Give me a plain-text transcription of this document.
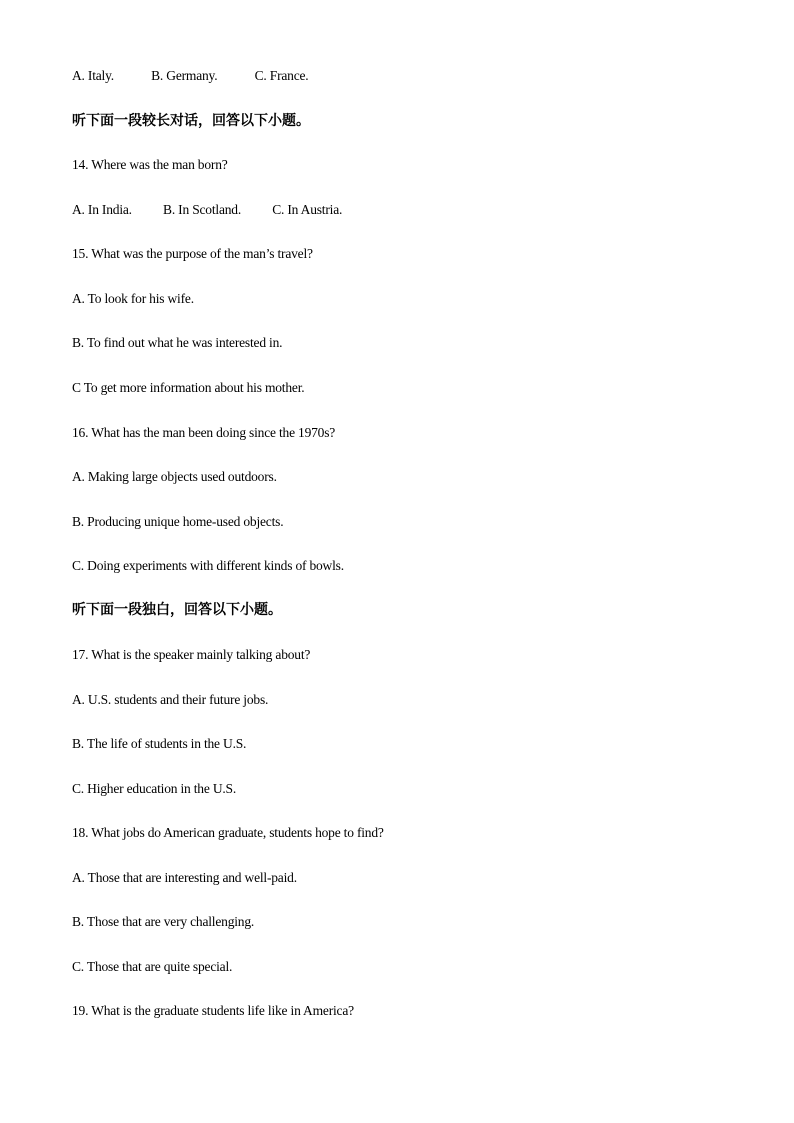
A. Italy.	B. Germany.	C. France.
听下面一段较长对话，回答以下小题。
14. Where was the man born?
A. In India. B. In Scotland. C. In Austria.
15. What was the purpose of the man’s travel?
A. To look for his wife.
B. To find out what he was interested in.
C To get more information about his mother.
16. What has the man been doing since the 1970s?
A. Making large objects used outdoors.
B. Producing unique home-used objects.
C. Doing experiments with different kinds of bowls.
听下面一段独白，回答以下小题。
17. What is the speaker mainly talking about?
A. U.S. students and their future jobs.
B. The life of students in the U.S.
C. Higher education in the U.S.
18. What jobs do American graduate, students hope to find?
A. Those that are interesting and well-paid.
B. Those that are very challenging.
C. Those that are quite special.
19. What is the graduate students life like in America?
